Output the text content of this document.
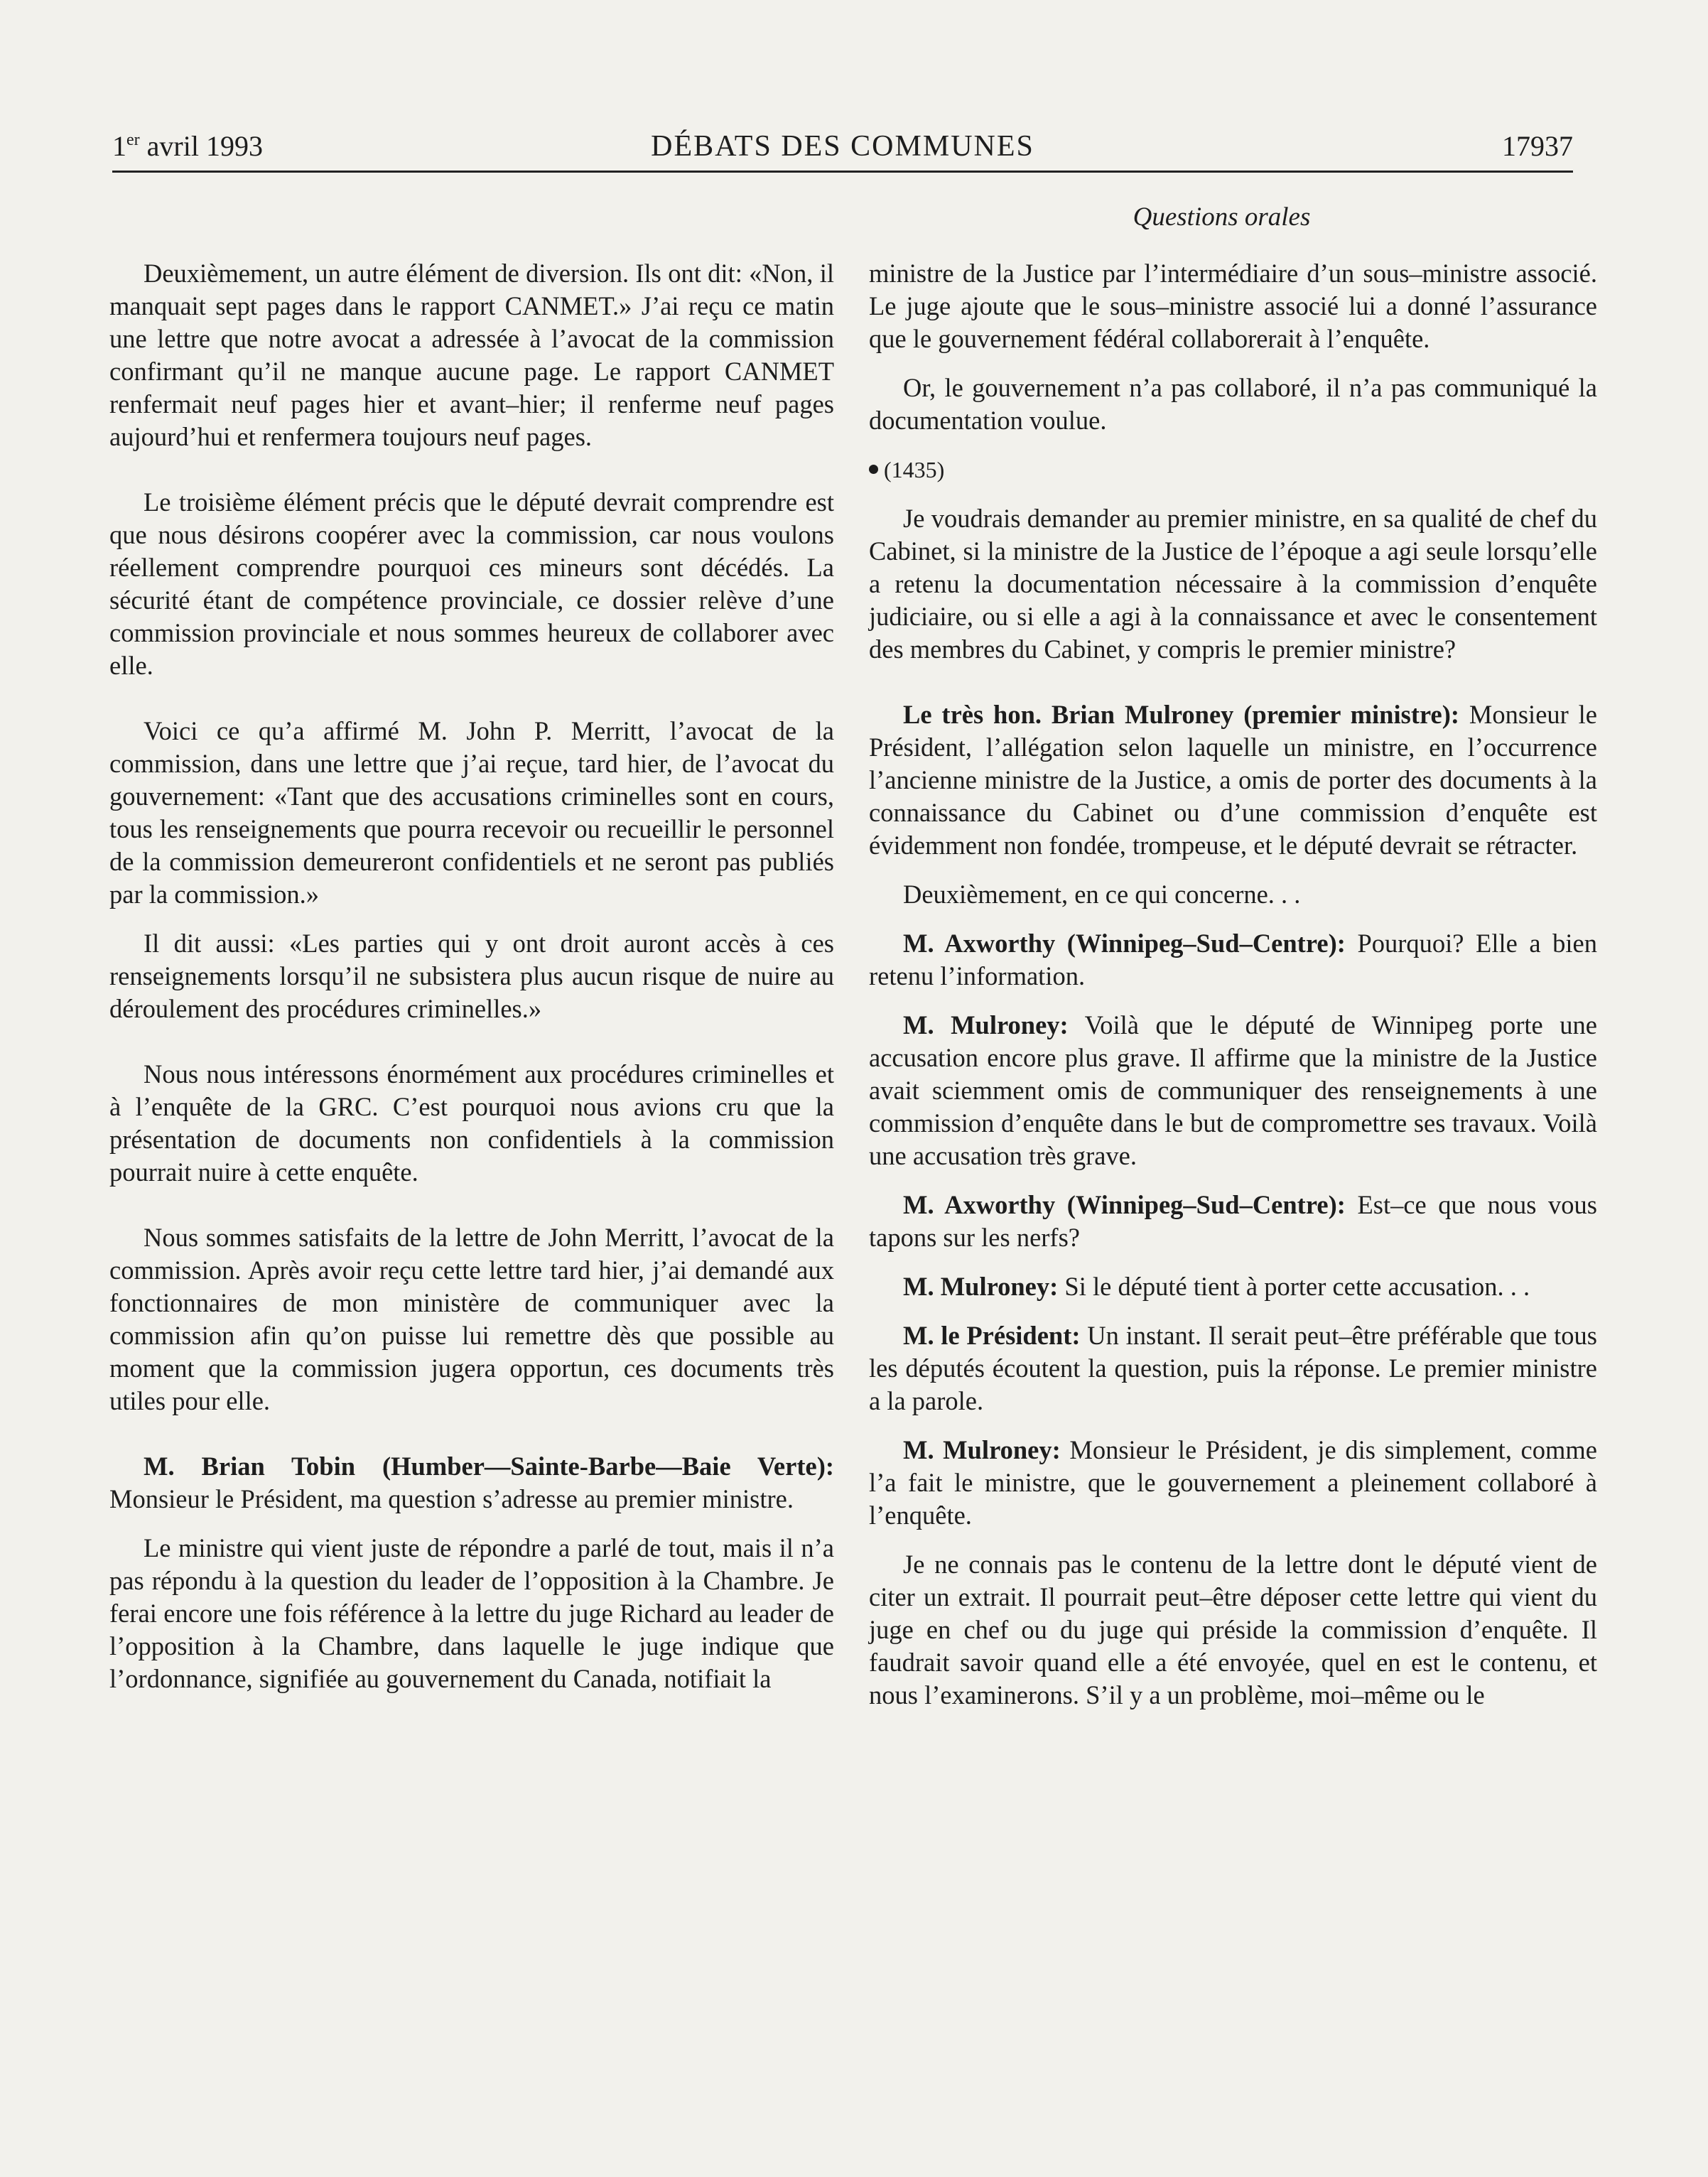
1er avril 1993	DÉBATS DES COMMUNES	17937
Questions orales

Deuxièmement, un autre élément de diversion. Ils ont dit: «Non, il manquait sept pages dans le rapport CANMET.» J’ai reçu ce matin une lettre que notre avocat a adressée à l’avocat de la commission confirmant qu’il ne manque aucune page. Le rapport CANMET renfermait neuf pages hier et avant–hier; il renferme neuf pages aujourd’hui et renfermera toujours neuf pages.

Le troisième élément précis que le député devrait comprendre est que nous désirons coopérer avec la commission, car nous voulons réellement comprendre pourquoi ces mineurs sont décédés. La sécurité étant de compétence provinciale, ce dossier relève d’une commission provinciale et nous sommes heureux de collaborer avec elle.

Voici ce qu’a affirmé M. John P. Merritt, l’avocat de la commission, dans une lettre que j’ai reçue, tard hier, de l’avocat du gouvernement: «Tant que des accusations criminelles sont en cours, tous les renseignements que pourra recevoir ou recueillir le personnel de la commission demeureront confidentiels et ne seront pas publiés par la commission.»

Il dit aussi: «Les parties qui y ont droit auront accès à ces renseignements lorsqu’il ne subsistera plus aucun risque de nuire au déroulement des procédures criminelles.»

Nous nous intéressons énormément aux procédures criminelles et à l’enquête de la GRC. C’est pourquoi nous avions cru que la présentation de documents non confidentiels à la commission pourrait nuire à cette enquête.

Nous sommes satisfaits de la lettre de John Merritt, l’avocat de la commission. Après avoir reçu cette lettre tard hier, j’ai demandé aux fonctionnaires de mon ministère de communiquer avec la commission afin qu’on puisse lui remettre dès que possible au moment que la commission jugera opportun, ces documents très utiles pour elle.

M. Brian Tobin (Humber—Sainte-Barbe—Baie Verte): Monsieur le Président, ma question s’adresse au premier ministre.

Le ministre qui vient juste de répondre a parlé de tout, mais il n’a pas répondu à la question du leader de l’opposition à la Chambre. Je ferai encore une fois référence à la lettre du juge Richard au leader de l’opposition à la Chambre, dans laquelle le juge indique que l’ordonnance, signifiée au gouvernement du Canada, notifiait la

ministre de la Justice par l’intermédiaire d’un sous–ministre associé. Le juge ajoute que le sous–ministre associé lui a donné l’assurance que le gouvernement fédéral collaborerait à l’enquête.

Or, le gouvernement n’a pas collaboré, il n’a pas communiqué la documentation voulue.

(1435)

Je voudrais demander au premier ministre, en sa qualité de chef du Cabinet, si la ministre de la Justice de l’époque a agi seule lorsqu’elle a retenu la documentation nécessaire à la commission d’enquête judiciaire, ou si elle a agi à la connaissance et avec le consentement des membres du Cabinet, y compris le premier ministre?

Le très hon. Brian Mulroney (premier ministre): Monsieur le Président, l’allégation selon laquelle un ministre, en l’occurrence l’ancienne ministre de la Justice, a omis de porter des documents à la connaissance du Cabinet ou d’une commission d’enquête est évidemment non fondée, trompeuse, et le député devrait se rétracter.

Deuxièmement, en ce qui concerne. . .

M. Axworthy (Winnipeg–Sud–Centre): Pourquoi? Elle a bien retenu l’information.

M. Mulroney: Voilà que le député de Winnipeg porte une accusation encore plus grave. Il affirme que la ministre de la Justice avait sciemment omis de communiquer des renseignements à une commission d’enquête dans le but de compromettre ses travaux. Voilà une accusation très grave.

M. Axworthy (Winnipeg–Sud–Centre): Est–ce que nous vous tapons sur les nerfs?

M. Mulroney: Si le député tient à porter cette accusation. . .

M. le Président: Un instant. Il serait peut–être préférable que tous les députés écoutent la question, puis la réponse. Le premier ministre a la parole.

M. Mulroney: Monsieur le Président, je dis simplement, comme l’a fait le ministre, que le gouvernement a pleinement collaboré à l’enquête.

Je ne connais pas le contenu de la lettre dont le député vient de citer un extrait. Il pourrait peut–être déposer cette lettre qui vient du juge en chef ou du juge qui préside la commission d’enquête. Il faudrait savoir quand elle a été envoyée, quel en est le contenu, et nous l’examinerons. S’il y a un problème, moi–même ou le
